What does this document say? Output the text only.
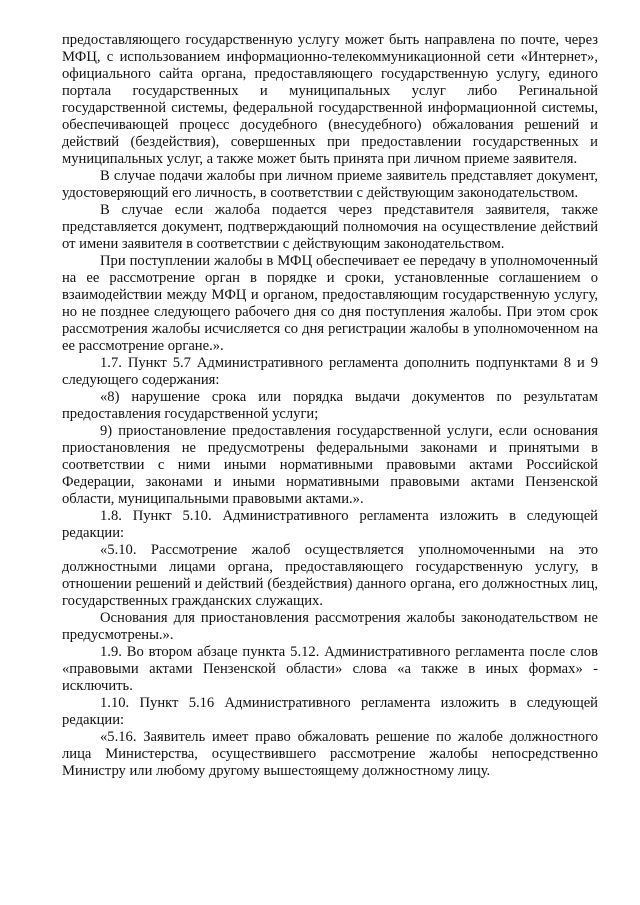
предоставляющего государственную услугу может быть направлена по почте, через МФЦ, с использованием информационно-телекоммуникационной сети «Интернет», официального сайта органа, предоставляющего государственную услугу, единого портала государственных и муниципальных услуг либо Регинальной государственной системы, федеральной государственной информационной системы, обеспечивающей процесс досудебного (внесудебного) обжалования решений и действий (бездействия), совершенных при предоставлении государственных и муниципальных услуг, а также может быть принята при личном приеме заявителя.

В случае подачи жалобы при личном приеме заявитель представляет документ, удостоверяющий его личность, в соответствии с действующим законодательством.

В случае если жалоба подается через представителя заявителя, также представляется документ, подтверждающий полномочия на осуществление действий от имени заявителя в соответствии с действующим законодательством.

При поступлении жалобы в МФЦ обеспечивает ее передачу в уполномоченный на ее рассмотрение орган в порядке и сроки, установленные соглашением о взаимодействии между МФЦ и органом, предоставляющим государственную услугу, но не позднее следующего рабочего дня со дня поступления жалобы. При этом срок рассмотрения жалобы исчисляется со дня регистрации жалобы в уполномоченном на ее рассмотрение органе.».

1.7. Пункт 5.7 Административного регламента дополнить подпунктами 8 и 9 следующего содержания:

«8) нарушение срока или порядка выдачи документов по результатам предоставления государственной услуги;

9) приостановление предоставления государственной услуги, если основания приостановления не предусмотрены федеральными законами и принятыми в соответствии с ними иными нормативными правовыми актами Российской Федерации, законами и иными нормативными правовыми актами Пензенской области, муниципальными правовыми актами.».

1.8. Пункт 5.10. Административного регламента изложить в следующей редакции:

«5.10. Рассмотрение жалоб осуществляется уполномоченными на это должностными лицами органа, предоставляющего государственную услугу, в отношении решений и действий (бездействия) данного органа, его должностных лиц, государственных гражданских служащих.

Основания для приостановления рассмотрения жалобы законодательством не предусмотрены.».

1.9. Во втором абзаце пункта 5.12. Административного регламента после слов «правовыми актами Пензенской области» слова «а также в иных формах» - исключить.

1.10. Пункт 5.16 Административного регламента изложить в следующей редакции:

«5.16. Заявитель имеет право обжаловать решение по жалобе должностного лица Министерства, осуществившего рассмотрение жалобы непосредственно Министру или любому другому вышестоящему должностному лицу.
